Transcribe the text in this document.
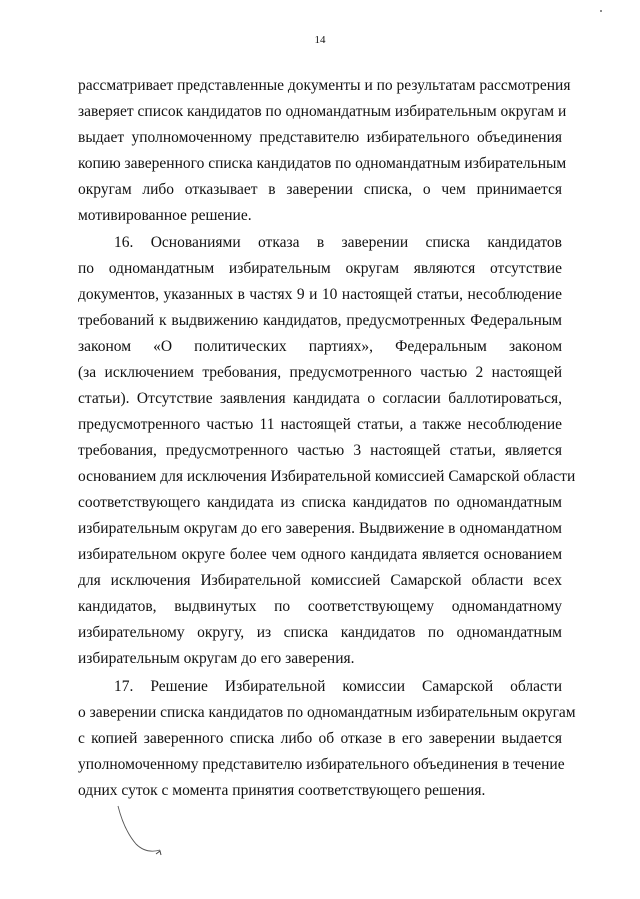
14
рассматривает представленные документы и по результатам рассмотрения
заверяет список кандидатов по одномандатным избирательным округам и
выдает уполномоченному представителю избирательного объединения
копию заверенного списка кандидатов по одномандатным избирательным
округам либо отказывает в заверении списка, о чем принимается
мотивированное решение.
16. Основаниями отказа в заверении списка кандидатов
по одномандатным избирательным округам являются отсутствие
документов, указанных в частях 9 и 10 настоящей статьи, несоблюдение
требований к выдвижению кандидатов, предусмотренных Федеральным
законом «О политических партиях», Федеральным законом
(за исключением требования, предусмотренного частью 2 настоящей
статьи). Отсутствие заявления кандидата о согласии баллотироваться,
предусмотренного частью 11 настоящей статьи, а также несоблюдение
требования, предусмотренного частью 3 настоящей статьи, является
основанием для исключения Избирательной комиссией Самарской области
соответствующего кандидата из списка кандидатов по одномандатным
избирательным округам до его заверения. Выдвижение в одномандатном
избирательном округе более чем одного кандидата является основанием
для исключения Избирательной комиссией Самарской области всех
кандидатов, выдвинутых по соответствующему одномандатному
избирательному округу, из списка кандидатов по одномандатным
избирательным округам до его заверения.
17. Решение Избирательной комиссии Самарской области
о заверении списка кандидатов по одномандатным избирательным округам
с копией заверенного списка либо об отказе в его заверении выдается
уполномоченному представителю избирательного объединения в течение
одних суток с момента принятия соответствующего решения.
